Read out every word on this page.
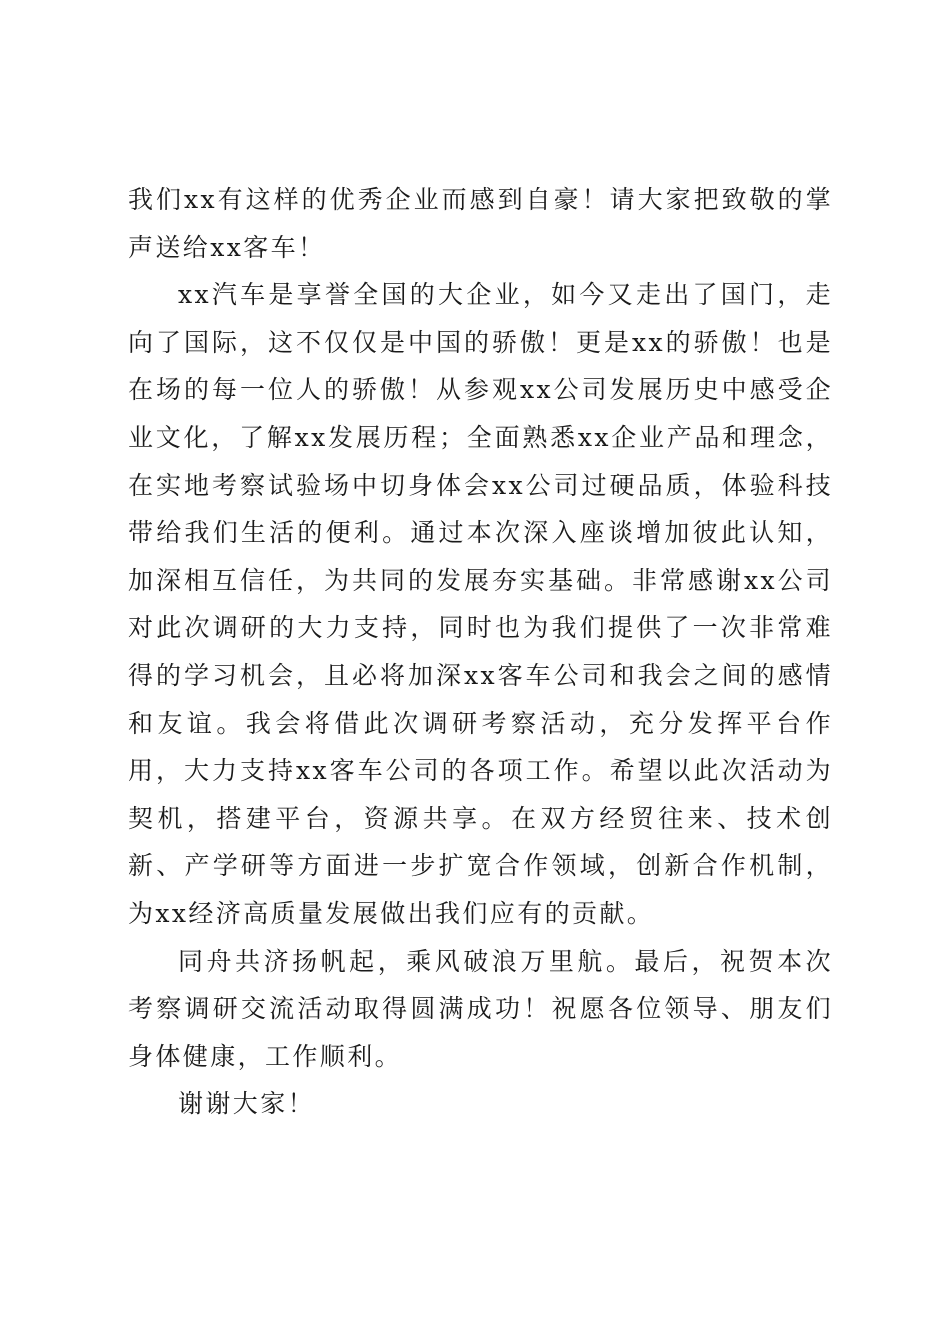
我们xx有这样的优秀企业而感到自豪！请大家把致敬的掌声送给xx客车！

xx汽车是享誉全国的大企业，如今又走出了国门，走向了国际，这不仅仅是中国的骄傲！更是xx的骄傲！也是在场的每一位人的骄傲！从参观xx公司发展历史中感受企业文化，了解xx发展历程；全面熟悉xx企业产品和理念，在实地考察试验场中切身体会xx公司过硬品质，体验科技带给我们生活的便利。通过本次深入座谈增加彼此认知，加深相互信任，为共同的发展夯实基础。非常感谢xx公司对此次调研的大力支持，同时也为我们提供了一次非常难得的学习机会，且必将加深xx客车公司和我会之间的感情和友谊。我会将借此次调研考察活动，充分发挥平台作用，大力支持xx客车公司的各项工作。希望以此次活动为契机，搭建平台，资源共享。在双方经贸往来、技术创新、产学研等方面进一步扩宽合作领域，创新合作机制，为xx经济高质量发展做出我们应有的贡献。

同舟共济扬帆起，乘风破浪万里航。最后，祝贺本次考察调研交流活动取得圆满成功！祝愿各位领导、朋友们身体健康，工作顺利。

谢谢大家！
